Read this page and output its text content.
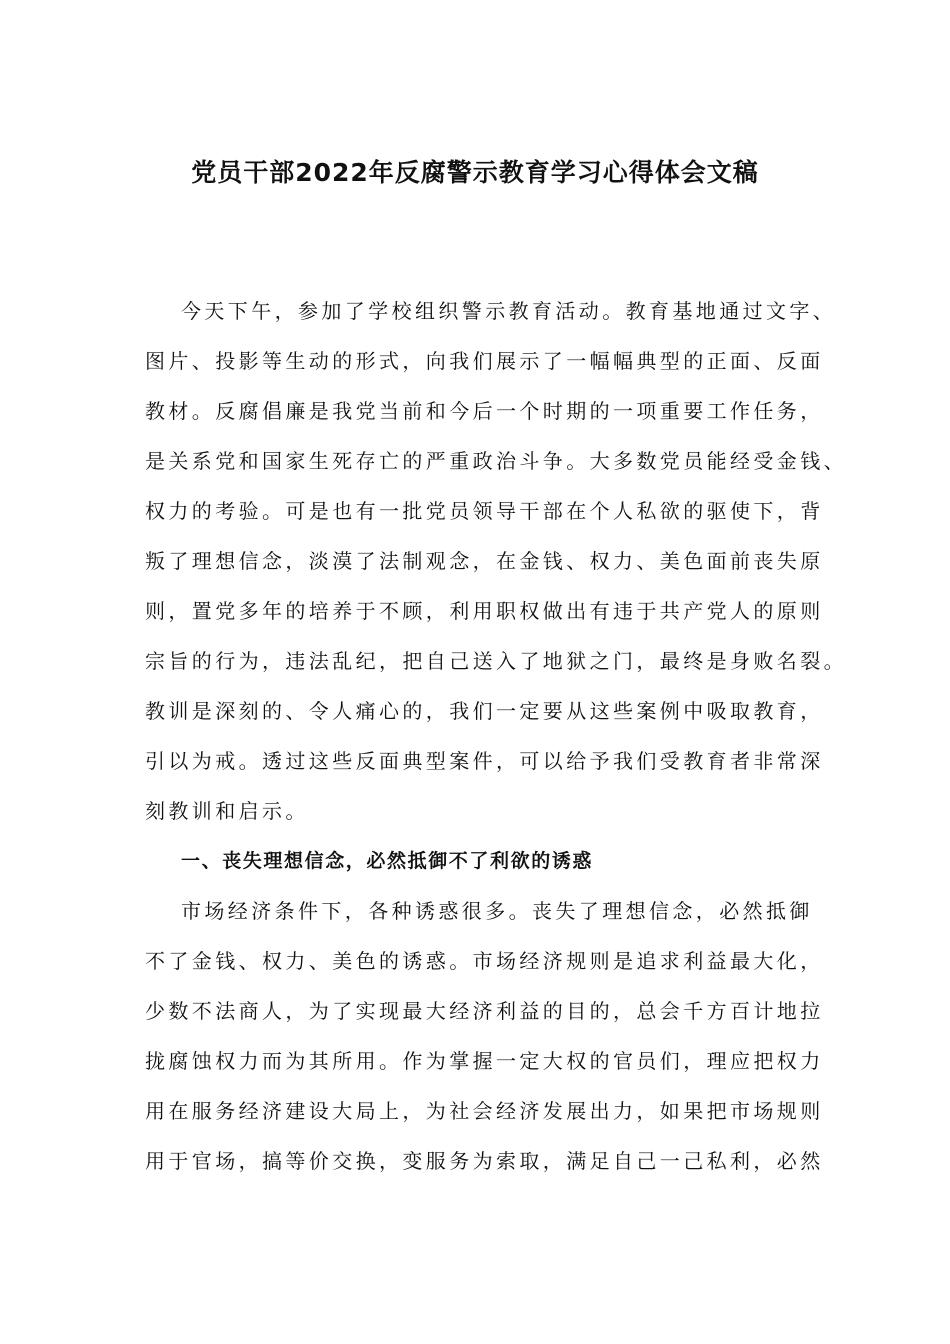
党员干部2022年反腐警示教育学习心得体会文稿
今天下午，参加了学校组织警示教育活动。教育基地通过文字、
图片、投影等生动的形式，向我们展示了一幅幅典型的正面、反面
教材。反腐倡廉是我党当前和今后一个时期的一项重要工作任务，
是关系党和国家生死存亡的严重政治斗争。大多数党员能经受金钱、
权力的考验。可是也有一批党员领导干部在个人私欲的驱使下，背
叛了理想信念，淡漠了法制观念，在金钱、权力、美色面前丧失原
则，置党多年的培养于不顾，利用职权做出有违于共产党人的原则
宗旨的行为，违法乱纪，把自己送入了地狱之门，最终是身败名裂。
教训是深刻的、令人痛心的，我们一定要从这些案例中吸取教育，
引以为戒。透过这些反面典型案件，可以给予我们受教育者非常深
刻教训和启示。
一、丧失理想信念，必然抵御不了利欲的诱惑
市场经济条件下，各种诱惑很多。丧失了理想信念，必然抵御
不了金钱、权力、美色的诱惑。市场经济规则是追求利益最大化，
少数不法商人，为了实现最大经济利益的目的，总会千方百计地拉
拢腐蚀权力而为其所用。作为掌握一定大权的官员们，理应把权力
用在服务经济建设大局上，为社会经济发展出力，如果把市场规则
用于官场，搞等价交换，变服务为索取，满足自己一己私利，必然
